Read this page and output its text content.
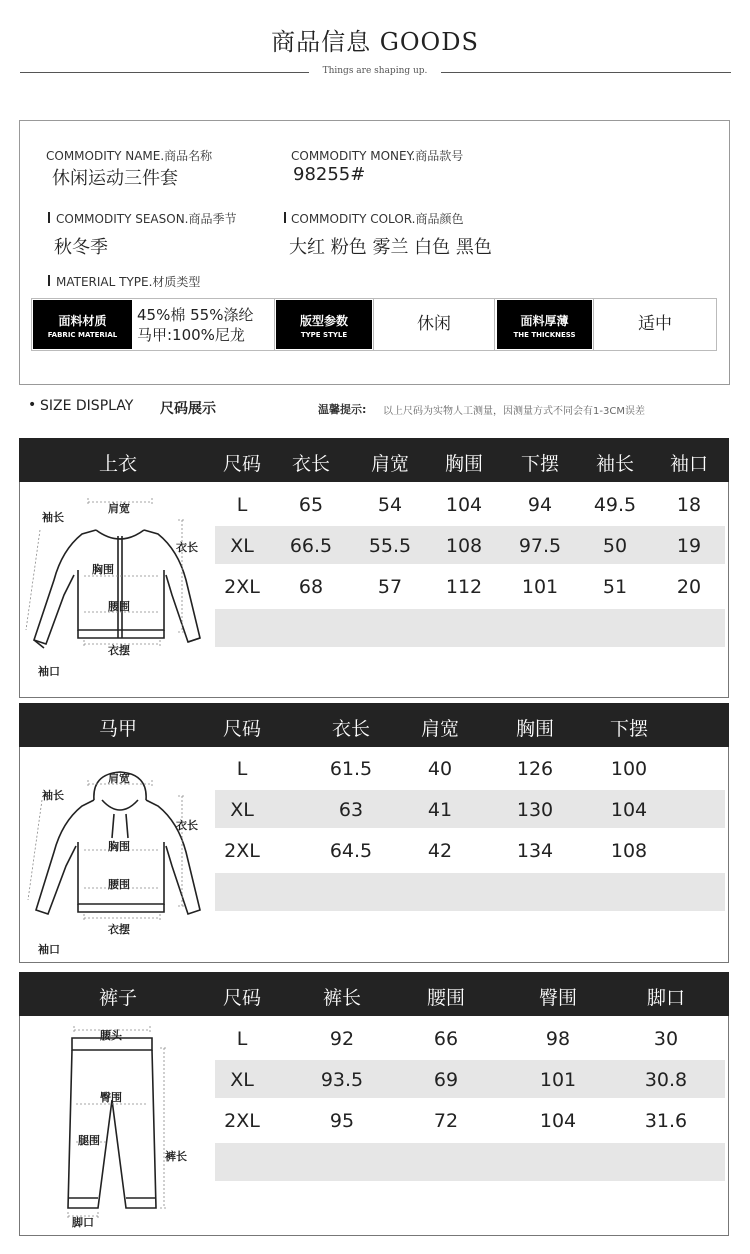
商品信息 GOODS
Things are shaping up.
COMMODITY NAME.商品名称
休闲运动三件套
COMMODITY MONEY.商品款号
98255#
COMMODITY SEASON.商品季节
秋冬季
COMMODITY COLOR.商品颜色
大红 粉色 雾兰 白色 黑色
MATERIAL TYPE.材质类型
面料材质
FABRIC MATERIAL
45%棉 55%涤纶
马甲:100%尼龙
版型参数
TYPE STYLE
休闲	面料厚薄
THE THICKNESS
适中
• SIZE DISPLAY 尺码展示	温馨提示: 以上尺码为实物人工测量，因测量方式不同会有1-3CM误差
上衣	尺码	衣长	肩宽	胸围	下摆	袖长	袖口
L	65	54	104	94	49.5	18
XL	66.5	55.5	108	97.5	50	19
2XL	68	57	112	101	51	20
肩宽
袖长
衣长
胸围
腰围
衣摆
袖口
马甲	尺码	衣长	肩宽	胸围	下摆
L	61.5	40	126	100
XL	63	41	130	104
2XL	64.5	42	134	108
肩宽
袖长
衣长
胸围
腰围
衣摆
袖口
裤子	尺码	裤长	腰围	臀围	脚口
L	92	66	98	30
XL	93.5	69	101	30.8
2XL	95	72	104	31.6
腰头
臀围
腿围
裤长
脚口
